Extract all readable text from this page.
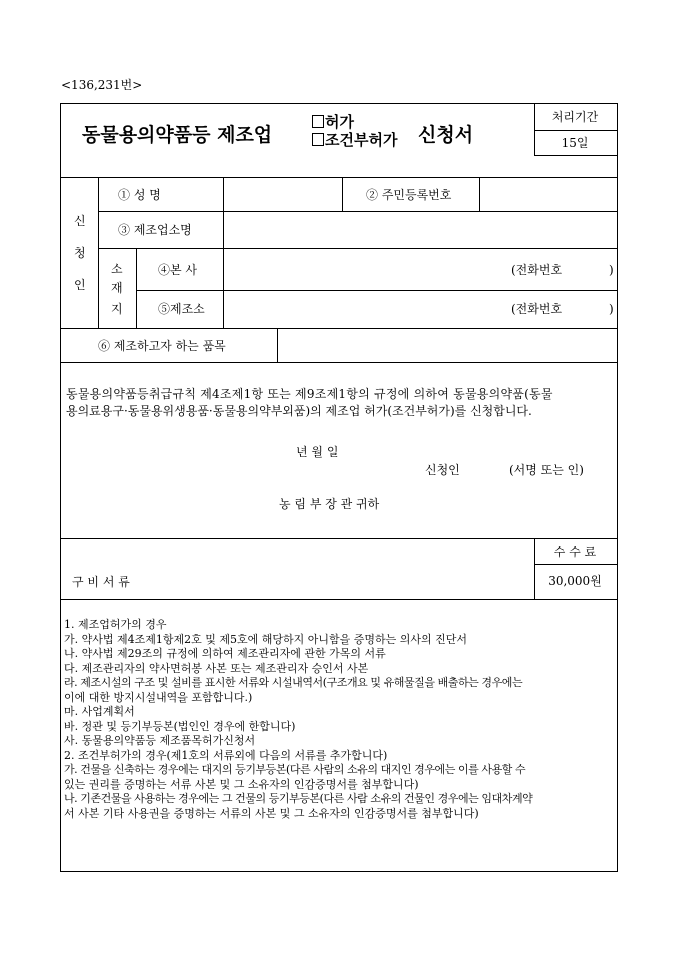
<136,231번>
동물용의약품등 제조업
허가
조건부허가 신청서
처리기간
15일
신
청
인
① 성 명	② 주민등록번호
③ 제조업소명
소
재
지
④본 사	(전화번호	)
⑤제조소	(전화번호	)
⑥ 제조하고자 하는 품목
동물용의약품등취급규칙 제4조제1항 또는 제9조제1항의 규정에 의하여 동물용의약품(동물
용의료용구·동물용위생용품·동물용의약부외품)의 제조업 허가(조건부허가)를 신청합니다.
년 월 일
신청인	(서명 또는 인)
농 림 부 장 관 귀하
수 수 료
30,000원
구 비 서 류
1. 제조업허가의 경우
가. 약사법 제4조제1항제2호 및 제5호에 해당하지 아니함을 증명하는 의사의 진단서
나. 약사법 제29조의 규정에 의하여 제조관리자에 관한 가목의 서류
다. 제조관리자의 약사면허봉 사본 또는 제조관리자 승인서 사본
라. 제조시설의 구조 및 설비를 표시한 서류와 시설내역서(구조개요 및 유해물질을 배출하는 경우에는
이에 대한 방지시설내역을 포함합니다.)
마. 사업계획서
바. 정관 및 등기부등본(법인인 경우에 한합니다)
사. 동물용의약품등 제조품목허가신청서
2. 조건부허가의 경우(제1호의 서류외에 다음의 서류를 추가합니다)
가. 건물을 신축하는 경우에는 대지의 등기부등본(다른 사람의 소유의 대지인 경우에는 이를 사용할 수
있는 권리를 증명하는 서류 사본 및 그 소유자의 인감증명서를 첨부합니다)
나. 기존건물을 사용하는 경우에는 그 건물의 등기부등본(다른 사람 소유의 건물인 경우에는 임대차계약
서 사본 기타 사용권을 증명하는 서류의 사본 및 그 소유자의 인감증명서를 첨부합니다)
